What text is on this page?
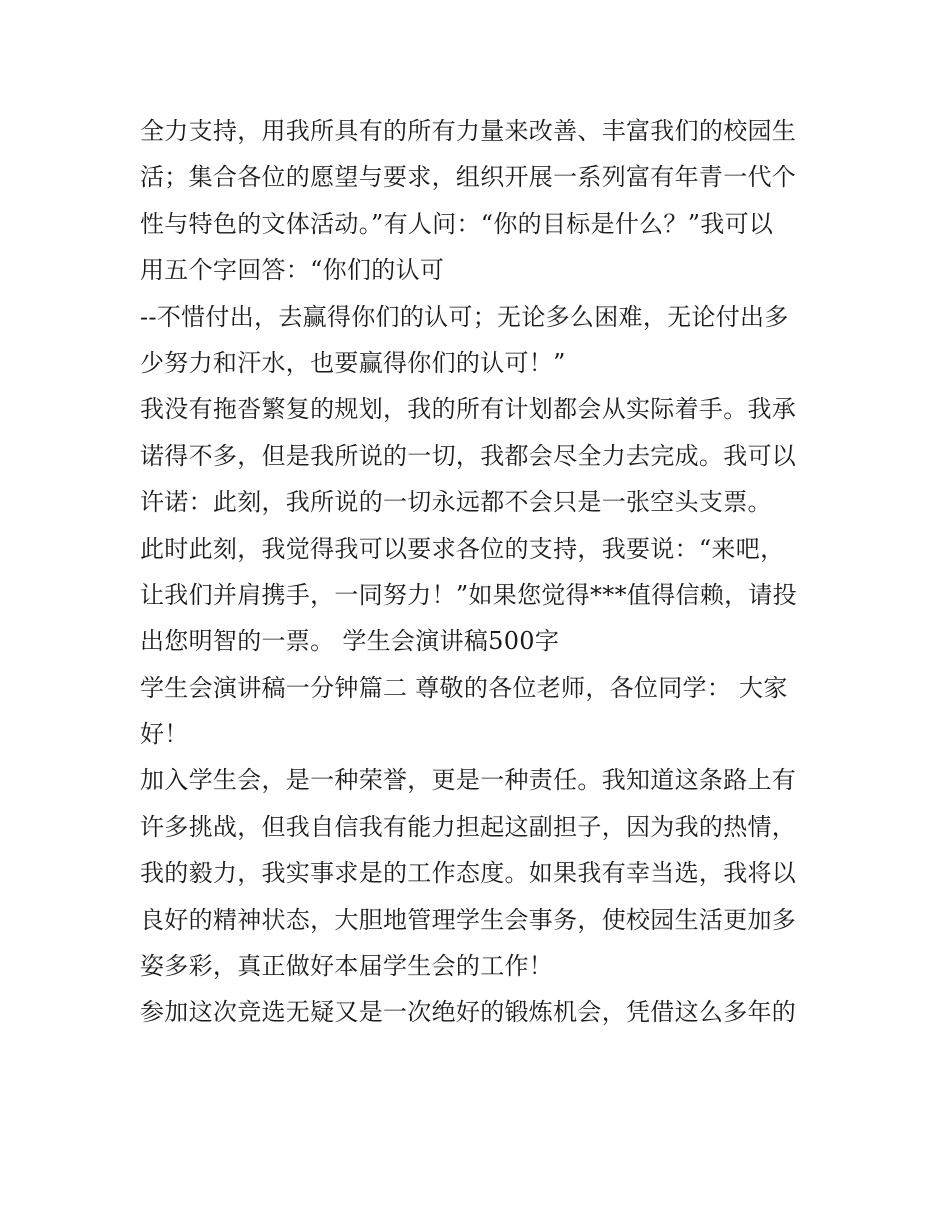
全力支持，用我所具有的所有力量来改善、丰富我们的校园生
活；集合各位的愿望与要求，组织开展一系列富有年青一代个
性与特色的文体活动。”有人问：“你的目标是什么？”我可以
用五个字回答：“你们的认可
--不惜付出，去赢得你们的认可；无论多么困难，无论付出多
少努力和汗水，也要赢得你们的认可！”
我没有拖沓繁复的规划，我的所有计划都会从实际着手。我承
诺得不多，但是我所说的一切，我都会尽全力去完成。我可以
许诺：此刻，我所说的一切永远都不会只是一张空头支票。
此时此刻，我觉得我可以要求各位的支持，我要说：“来吧，
让我们并肩携手，一同努力！”如果您觉得***值得信赖，请投
出您明智的一票。 学生会演讲稿500字
学生会演讲稿一分钟篇二 尊敬的各位老师，各位同学： 大家
好！
加入学生会，是一种荣誉，更是一种责任。我知道这条路上有
许多挑战，但我自信我有能力担起这副担子，因为我的热情，
我的毅力，我实事求是的工作态度。如果我有幸当选，我将以
良好的精神状态，大胆地管理学生会事务，使校园生活更加多
姿多彩，真正做好本届学生会的工作！
参加这次竞选无疑又是一次绝好的锻炼机会，凭借这么多年的
